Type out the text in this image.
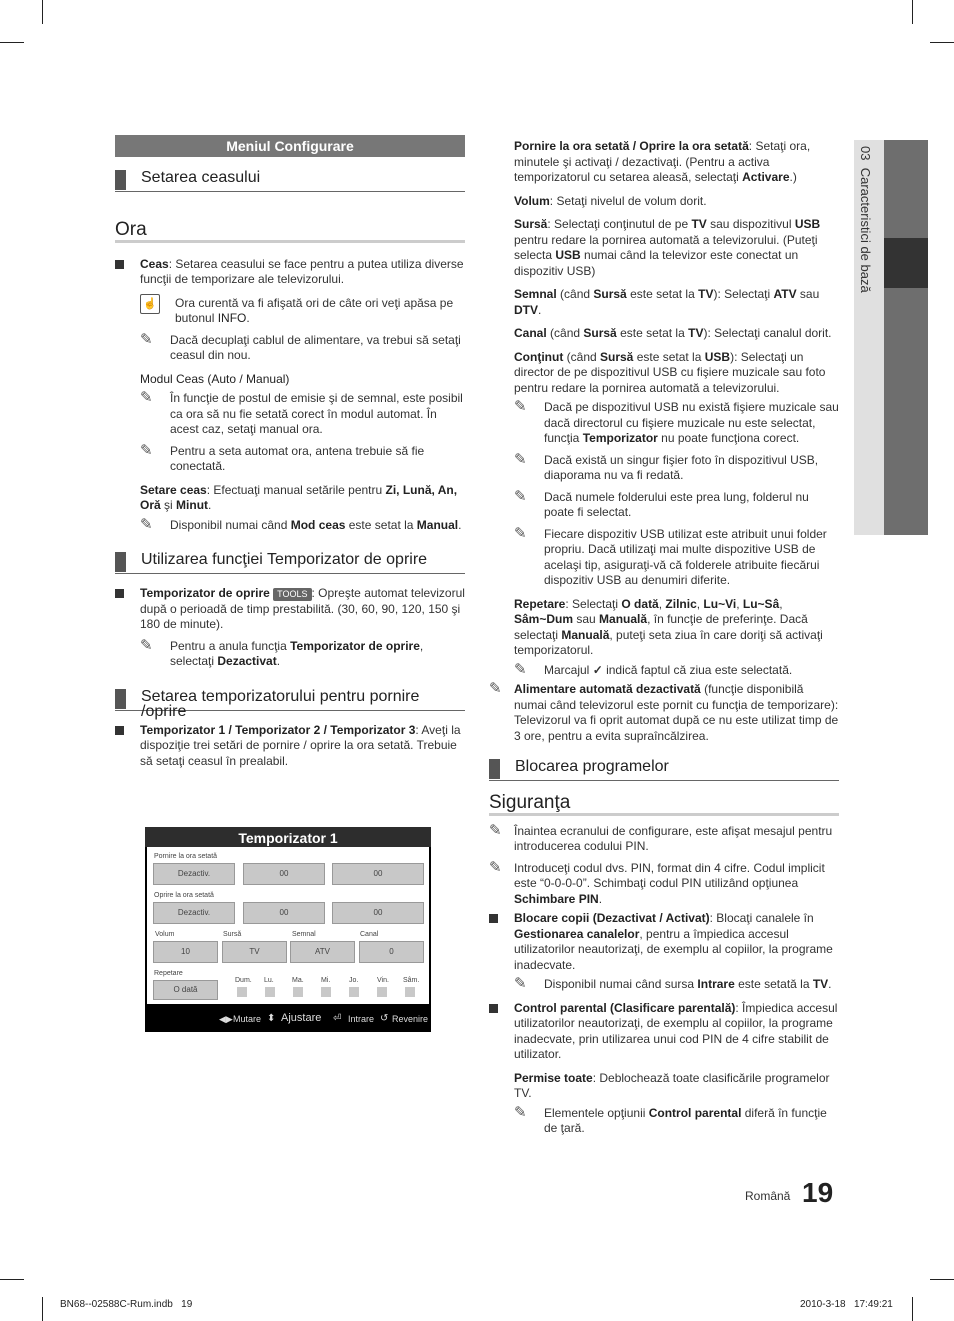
03  Caracteristici de bază
Meniul Configurare
Setarea ceasului
Ora

Ceas: Setarea ceasului se face pentru a putea utiliza diverse funcţii de temporizare ale televizorului.

☝	Ora curentă va fi afişată ori de câte ori veţi apăsa pe butonul INFO.

✎ Dacă decuplaţi cablul de alimentare, va trebui să setaţi ceasul din nou.

Modul Ceas (Auto / Manual)

✎ În funcţie de postul de emisie şi de semnal, este posibil ca ora să nu fie setată corect în modul automat. În acest caz, setaţi manual ora.

✎ Pentru a seta automat ora, antena trebuie să fie conectată.

Setare ceas: Efectuaţi manual setările pentru Zi, Lună, An, Oră şi Minut.

✎ Disponibil numai când Mod ceas este setat la Manual.

Utilizarea funcţiei Temporizator de oprire

Temporizator de oprire TOOLS : Opreşte automat televizorul după o perioadă de timp prestabilită. (30, 60, 90, 120, 150 şi 180 de minute).

✎ Pentru a anula funcţia Temporizator de oprire, selectaţi Dezactivat.

Setarea temporizatorului pentru pornire /oprire

Temporizator 1 / Temporizator 2 / Temporizator 3: Aveţi la dispoziţie trei setări de pornire / oprire la ora setată. Trebuie să setaţi ceasul în prealabil.

Temporizator 1
Pornire la ora setată
Dezactiv.	00	00
Oprire la ora setată
Dezactiv.	00	00
Volum	Sursă	Semnal	Canal
10	TV	ATV	0
Repetare
O dată
Dum. Lu.	Ma. Mi.	Jo.	Vin. Sâm.
◀▶ Mutare ⬍ Ajustare ⏎ Intrare ↺ Revenire

Pornire la ora setată / Oprire la ora setată: Setaţi ora, minutele şi activaţi / dezactivaţi. (Pentru a activa temporizatorul cu setarea aleasă, selectaţi Activare.)

Volum: Setaţi nivelul de volum dorit.

Sursă: Selectaţi conţinutul de pe TV sau dispozitivul USB pentru redare la pornirea automată a televizorului. (Puteţi selecta USB numai când la televizor este conectat un dispozitiv USB)

Semnal (când Sursă este setat la TV): Selectaţi ATV sau DTV.

Canal (când Sursă este setat la TV): Selectaţi canalul dorit.

Conţinut (când Sursă este setat la USB): Selectaţi un director de pe dispozitivul USB cu fişiere muzicale sau foto pentru redare la pornirea automată a televizorului.

✎ Dacă pe dispozitivul USB nu există fişiere muzicale sau dacă directorul cu fişiere muzicale nu este selectat, funcţia Temporizator nu poate funcţiona corect.

✎ Dacă există un singur fişier foto în dispozitivul USB, diaporama nu va fi redată.

✎ Dacă numele folderului este prea lung, folderul nu poate fi selectat.

✎ Fiecare dispozitiv USB utilizat este atribuit unui folder propriu. Dacă utilizaţi mai multe dispozitive USB de acelaşi tip, asiguraţi-vă că folderele atribuite fiecărui dispozitiv USB au denumiri diferite.

Repetare: Selectaţi O dată, Zilnic, Lu~Vi, Lu~Sâ, Sâm~Dum sau Manuală, în funcţie de preferinţe. Dacă selectaţi Manuală, puteţi seta ziua în care doriţi să activaţi temporizatorul.

✎ Marcajul ✓ indică faptul că ziua este selectată.

✎ Alimentare automată dezactivată (funcţie disponibilă numai când televizorul este pornit cu funcţia de temporizare): Televizorul va fi oprit automat după ce nu este utilizat timp de 3 ore, pentru a evita supraîncălzirea.

Blocarea programelor
Siguranţa
✎ Înaintea ecranului de configurare, este afişat mesajul pentru introducerea codului PIN.

✎ Introduceţi codul dvs. PIN, format din 4 cifre. Codul implicit este “0-0-0-0”. Schimbaţi codul PIN utilizând opţiunea Schimbare PIN.

Blocare copii (Dezactivat / Activat): Blocaţi canalele în Gestionarea canalelor, pentru a împiedica accesul utilizatorilor neautorizaţi, de exemplu al copiilor, la programe inadecvate.

✎ Disponibil numai când sursa Intrare este setată la TV.

Control parental (Clasificare parentală): Împiedica accesul utilizatorilor neautorizaţi, de exemplu al copiilor, la programe inadecvate, prin utilizarea unui cod PIN de 4 cifre stabilit de utilizator.

Permise toate: Deblochează toate clasificările programelor TV.

✎ Elementele opţiunii Control parental diferă în funcţie de ţară.

Română 19
BN68--02588C-Rum.indb   19	2010-3-18 17:49:21
